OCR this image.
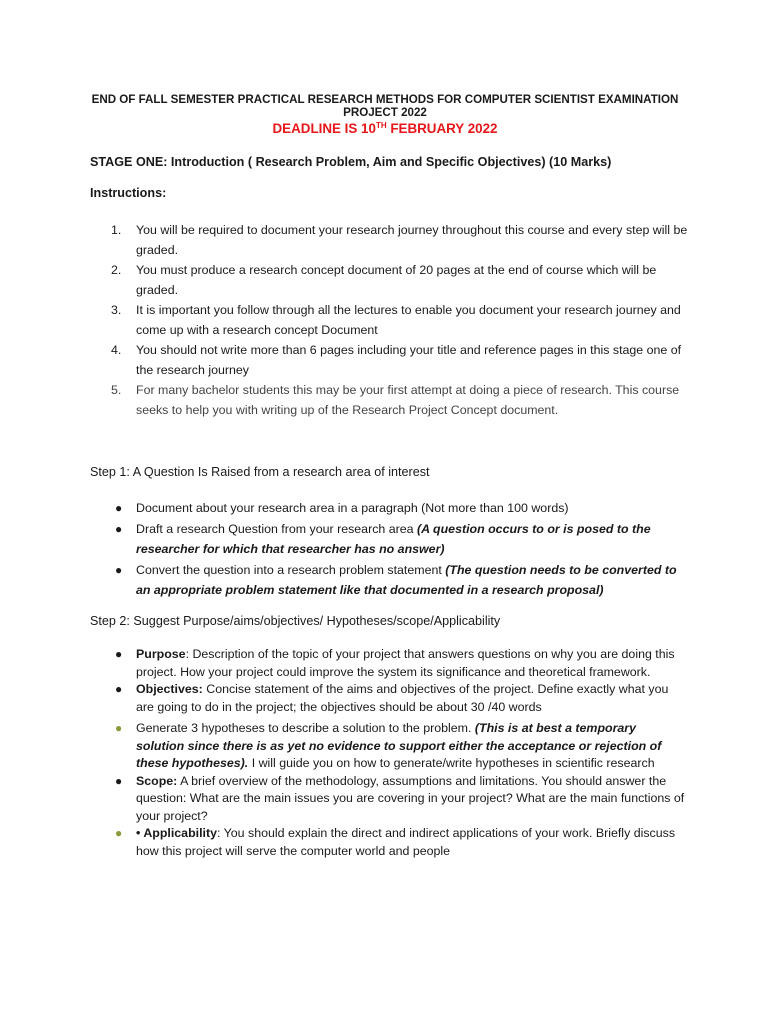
END OF FALL SEMESTER PRACTICAL RESEARCH METHODS FOR COMPUTER SCIENTIST EXAMINATION
PROJECT 2022
DEADLINE IS 10TH FEBRUARY 2022
STAGE ONE: Introduction ( Research Problem, Aim and Specific Objectives) (10 Marks)
Instructions:
1. You will be required to document your research journey throughout this course and every step will be graded.
2. You must produce a research concept document of 20 pages at the end of course which will be graded.
3. It is important you follow through all the lectures to enable you document your research journey and come up with a research concept Document
4. You should not write more than 6 pages including your title and reference pages in this stage one of the research journey
5. For many bachelor students this may be your first attempt at doing a piece of research. This course seeks to help you with writing up of the Research Project Concept document.
Step 1: A Question Is Raised from a research area of interest
● Document about your research area in a paragraph (Not more than 100 words)
● Draft a research Question from your research area (A question occurs to or is posed to the researcher for which that researcher has no answer)
● Convert the question into a research problem statement (The question needs to be converted to an appropriate problem statement like that documented in a research proposal)
Step 2: Suggest Purpose/aims/objectives/ Hypotheses/scope/Applicability
● Purpose: Description of the topic of your project that answers questions on why you are doing this project. How your project could improve the system its significance and theoretical framework.
● Objectives: Concise statement of the aims and objectives of the project. Define exactly what you are going to do in the project; the objectives should be about 30 /40 words
● Generate 3 hypotheses to describe a solution to the problem. (This is at best a temporary solution since there is as yet no evidence to support either the acceptance or rejection of these hypotheses). I will guide you on how to generate/write hypotheses in scientific research
● Scope: A brief overview of the methodology, assumptions and limitations. You should answer the question: What are the main issues you are covering in your project? What are the main functions of your project?
● • Applicability: You should explain the direct and indirect applications of your work. Briefly discuss how this project will serve the computer world and people
